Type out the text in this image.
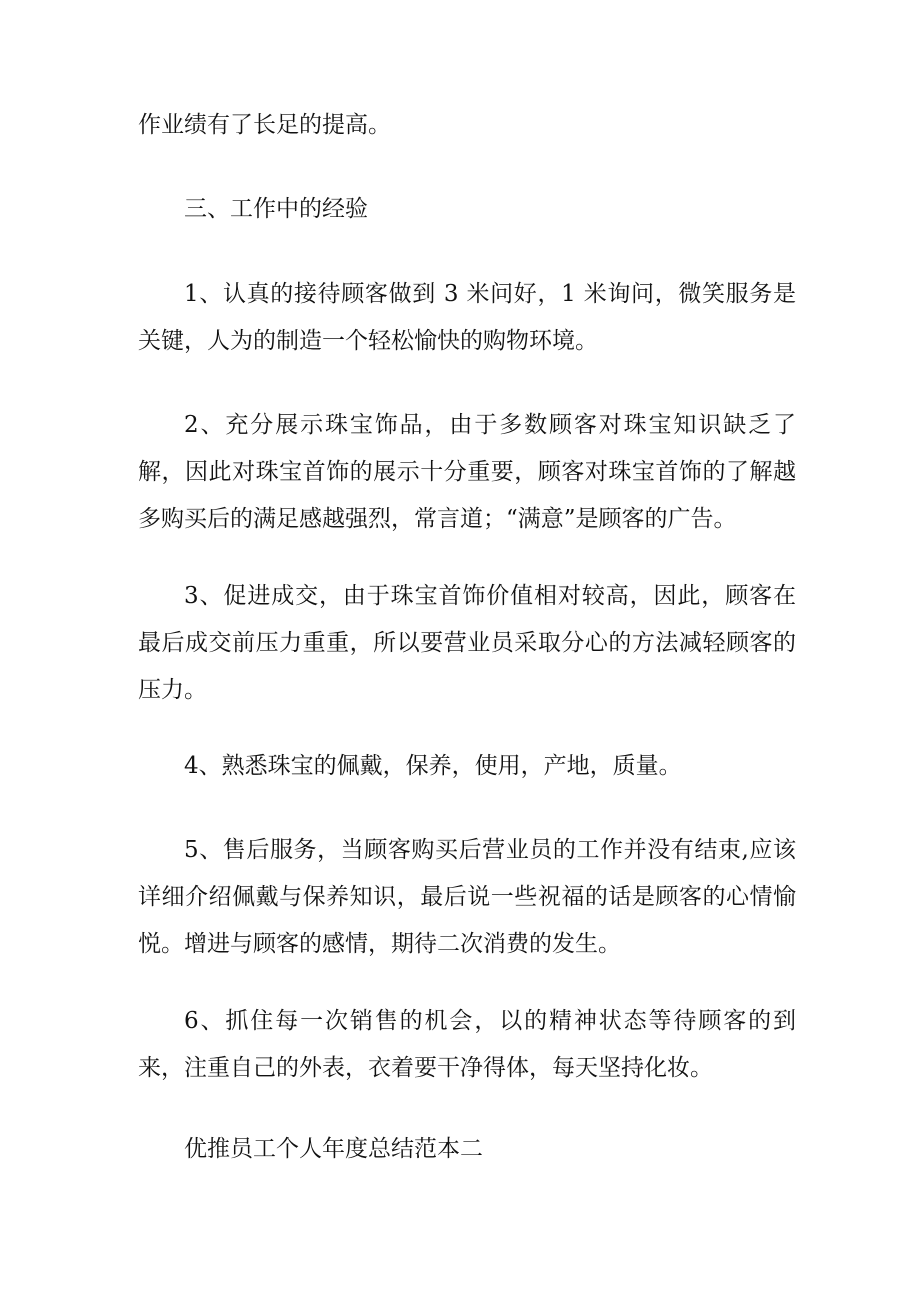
作业绩有了长足的提高。

三、工作中的经验

1、认真的接待顾客做到 3 米问好，1 米询问，微笑服务是关键，人为的制造一个轻松愉快的购物环境。

2、充分展示珠宝饰品，由于多数顾客对珠宝知识缺乏了解，因此对珠宝首饰的展示十分重要，顾客对珠宝首饰的了解越多购买后的满足感越强烈，常言道；“满意”是顾客的广告。

3、促进成交，由于珠宝首饰价值相对较高，因此，顾客在最后成交前压力重重，所以要营业员采取分心的方法减轻顾客的压力。

4、熟悉珠宝的佩戴，保养，使用，产地，质量。

5、售后服务，当顾客购买后营业员的工作并没有结束,应该详细介绍佩戴与保养知识，最后说一些祝福的话是顾客的心情愉悦。增进与顾客的感情，期待二次消费的发生。

6、抓住每一次销售的机会，以的精神状态等待顾客的到来，注重自己的外表，衣着要干净得体，每天坚持化妆。

优推员工个人年度总结范本二
